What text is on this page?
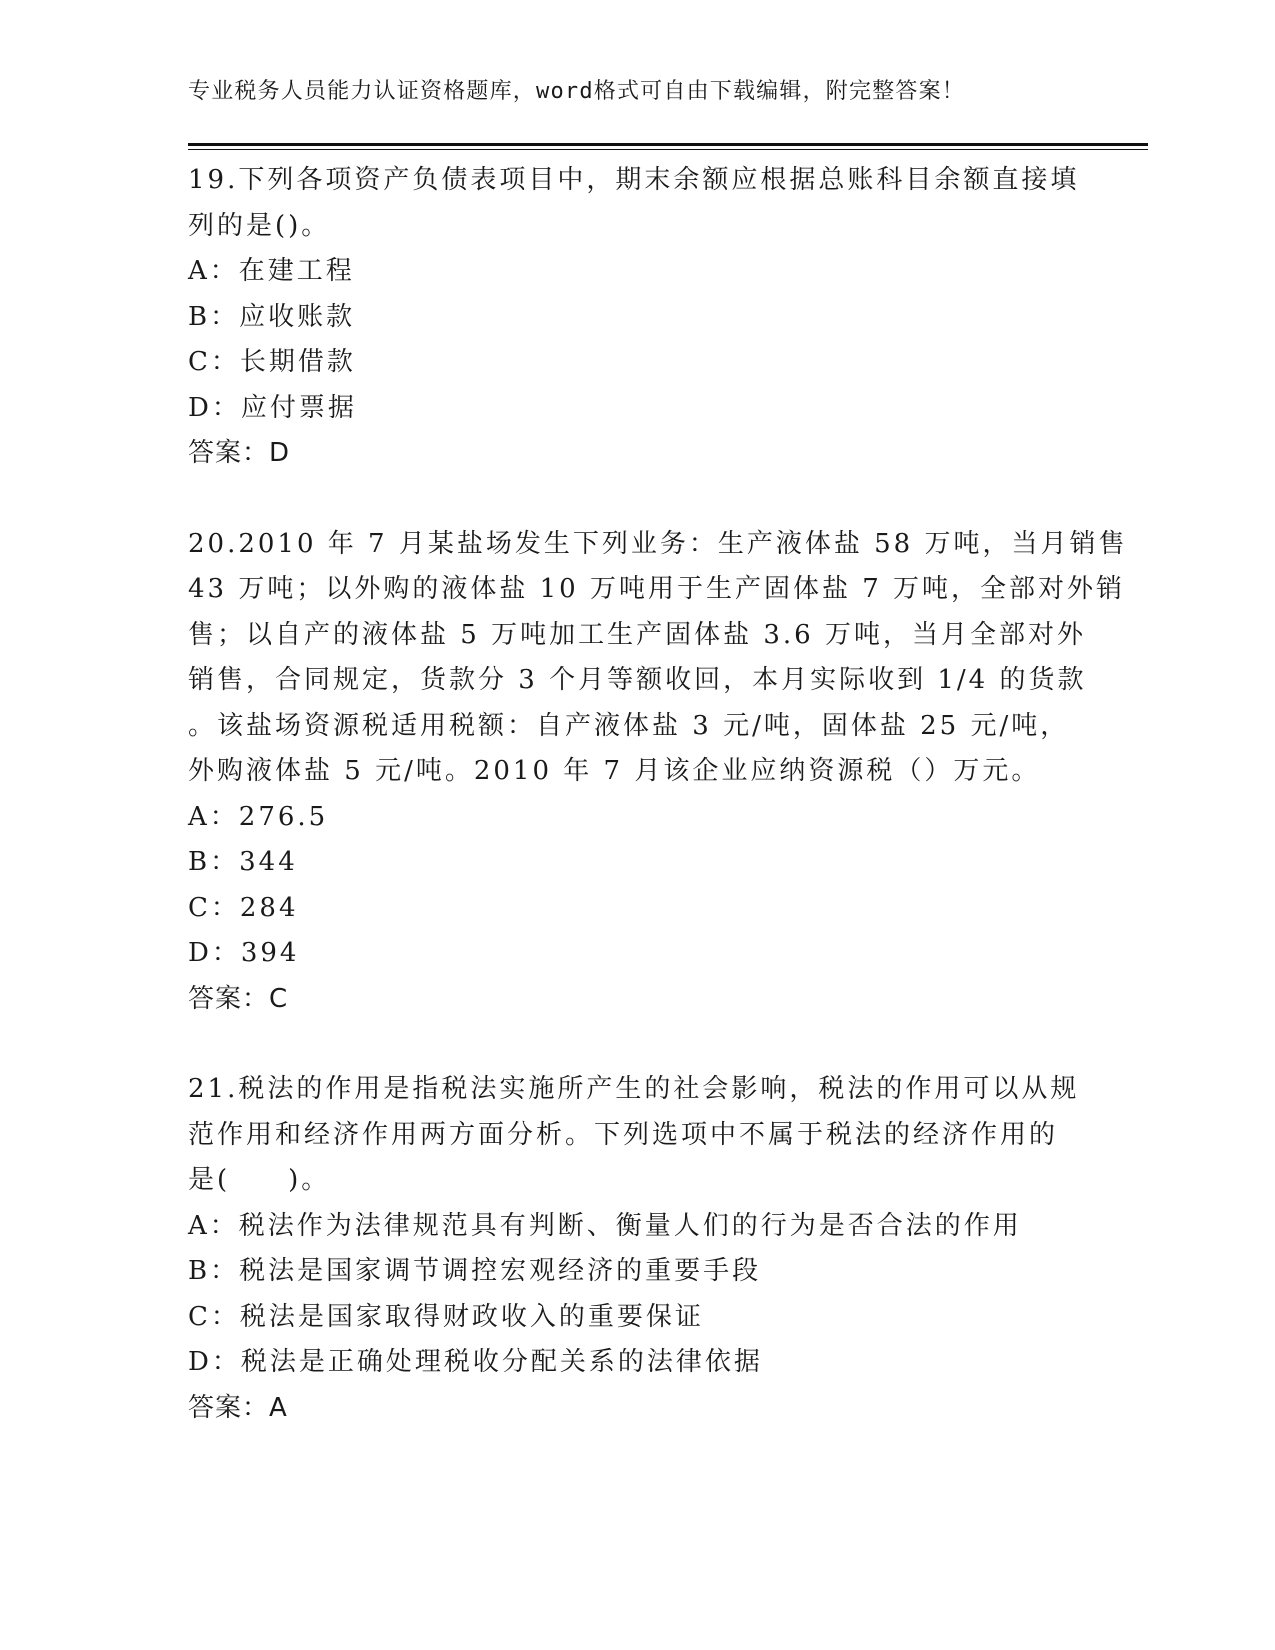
专业税务人员能力认证资格题库，word格式可自由下载编辑，附完整答案！

19.下列各项资产负债表项目中，期末余额应根据总账科目余额直接填
列的是()。

A：在建工程
B：应收账款
C：长期借款
D：应付票据
答案：D

20.2010 年 7 月某盐场发生下列业务：生产液体盐 58 万吨，当月销售
43 万吨；以外购的液体盐 10 万吨用于生产固体盐 7 万吨，全部对外销
售；以自产的液体盐 5 万吨加工生产固体盐 3.6 万吨，当月全部对外
销售，合同规定，货款分 3 个月等额收回，本月实际收到 1/4 的货款
。该盐场资源税适用税额：自产液体盐 3 元/吨，固体盐 25 元/吨，
外购液体盐 5 元/吨。2010 年 7 月该企业应纳资源税（）万元。

A：276.5
B：344
C：284
D：394
答案：C

21.税法的作用是指税法实施所产生的社会影响，税法的作用可以从规
范作用和经济作用两方面分析。下列选项中不属于税法的经济作用的
是(　　)。

A：税法作为法律规范具有判断、衡量人们的行为是否合法的作用
B：税法是国家调节调控宏观经济的重要手段
C：税法是国家取得财政收入的重要保证
D：税法是正确处理税收分配关系的法律依据
答案：A
